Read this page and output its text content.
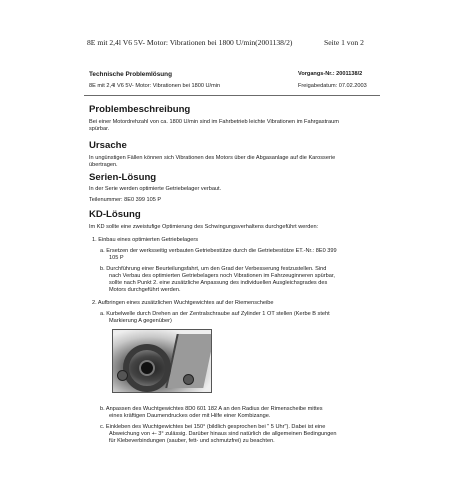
8E mit 2,4l V6 5V- Motor: Vibrationen bei 1800 U/min(2001138/2)	Seite 1 von 2
Technische Problemlösung	Vorgangs-Nr.: 2001138/2
8E mit 2,4l V6 5V- Motor: Vibrationen bei 1800 U/min	Freigabedatum: 07.02.2003
Problembeschreibung
Bei einer Motordrehzahl von ca. 1800 U/min sind im Fahrbetrieb leichte Vibrationen im Fahrgastraum
spürbar.
Ursache
In ungünstigen Fällen können sich Vibrationen des Motors über die Abgasanlage auf die Karosserie
übertragen.
Serien-Lösung
In der Serie werden optimierte Getriebelager verbaut.
Teilenummer: 8E0 399 105 P
KD-Lösung
Im KD sollte eine zweistufige Optimierung des Schwingungsverhaltens durchgeführt werden:
1. Einbau eines optimierten Getriebelagers
a. Ersetzen der werksseitig verbauten Getriebestütze durch die Getriebestütze ET.-Nr.: 8E0 399
105 P
b. Durchführung einer Beurteilungsfahrt, um den Grad der Verbesserung festzustellen. Sind
nach Verbau des optimierten Getriebelagers noch Vibrationen im Fahrzeuginneren spürbar,
sollte nach Punkt 2. eine zusätzliche Anpassung des individuellen Ausgleichsgrades des
Motors durchgeführt werden.
2. Aufbringen eines zusätzlichen Wuchtgewichtes auf der Riemenscheibe
a. Kurbelwelle durch Drehen an der Zentralschraube auf Zylinder 1 OT stellen (Kerbe B steht
Markierung A gegenüber)
b. Anpassen des Wuchtgewichtes 8D0 601 182 A an den Radius der Rimenscheibe mittes
eines kräftigen Daumendruckes oder mit Hilfe einer Kombizange.
c. Einkleben des Wuchtgewichtes bei 150° (bildlich gesprochen bei " 5 Uhr"). Dabei ist eine
Abweichung von +- 3° zulässig. Darüber hinaus sind natürlich die allgemeinen Bedingungen
für Klebeverbindungen (sauber, fett- und schmutzfrei) zu beachten.
